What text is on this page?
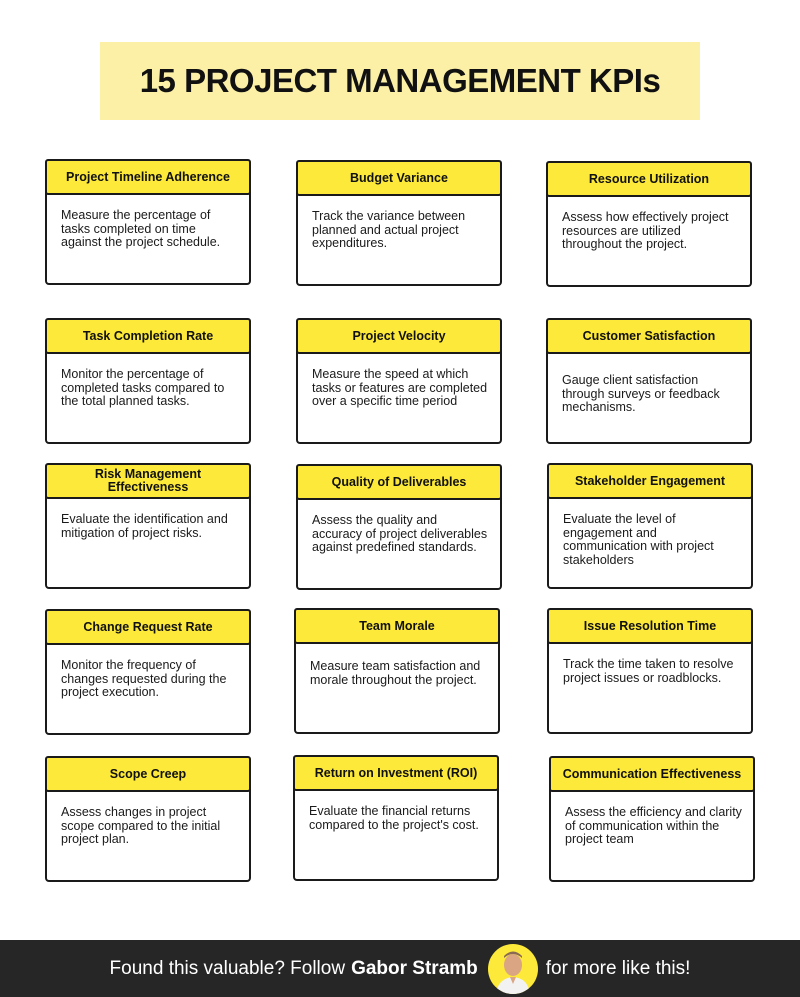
15 PROJECT MANAGEMENT KPIs

Measure the percentage of tasks completed on time against the project schedule.

Project Timeline Adherence

Track the variance between planned and actual project expenditures.

Budget Variance

Assess how effectively project resources are utilized throughout the project.

Resource Utilization

Monitor the percentage of completed tasks compared to the total planned tasks.

Task Completion Rate

Measure the speed at which tasks or features are completed over a specific time period

Project Velocity

Gauge client satisfaction through surveys or feedback mechanisms.

Customer Satisfaction

Evaluate the identification and mitigation of project risks.

Risk Management Effectiveness

Assess the quality and accuracy of project deliverables against predefined standards.

Quality of Deliverables

Evaluate the level of engagement and communication with project stakeholders

Stakeholder Engagement

Monitor the frequency of changes requested during the project execution.

Change Request Rate

Measure team satisfaction and morale throughout the project.

Team Morale

Track the time taken to resolve project issues or roadblocks.

Issue Resolution Time

Assess changes in project scope compared to the initial project plan.

Scope Creep

Evaluate the financial returns compared to the project's cost.

Return on Investment (ROI)

Assess the efficiency and clarity of communication within the project team

Communication Effectiveness
Found this valuable? Follow Gabor Stramb	for more like this!
